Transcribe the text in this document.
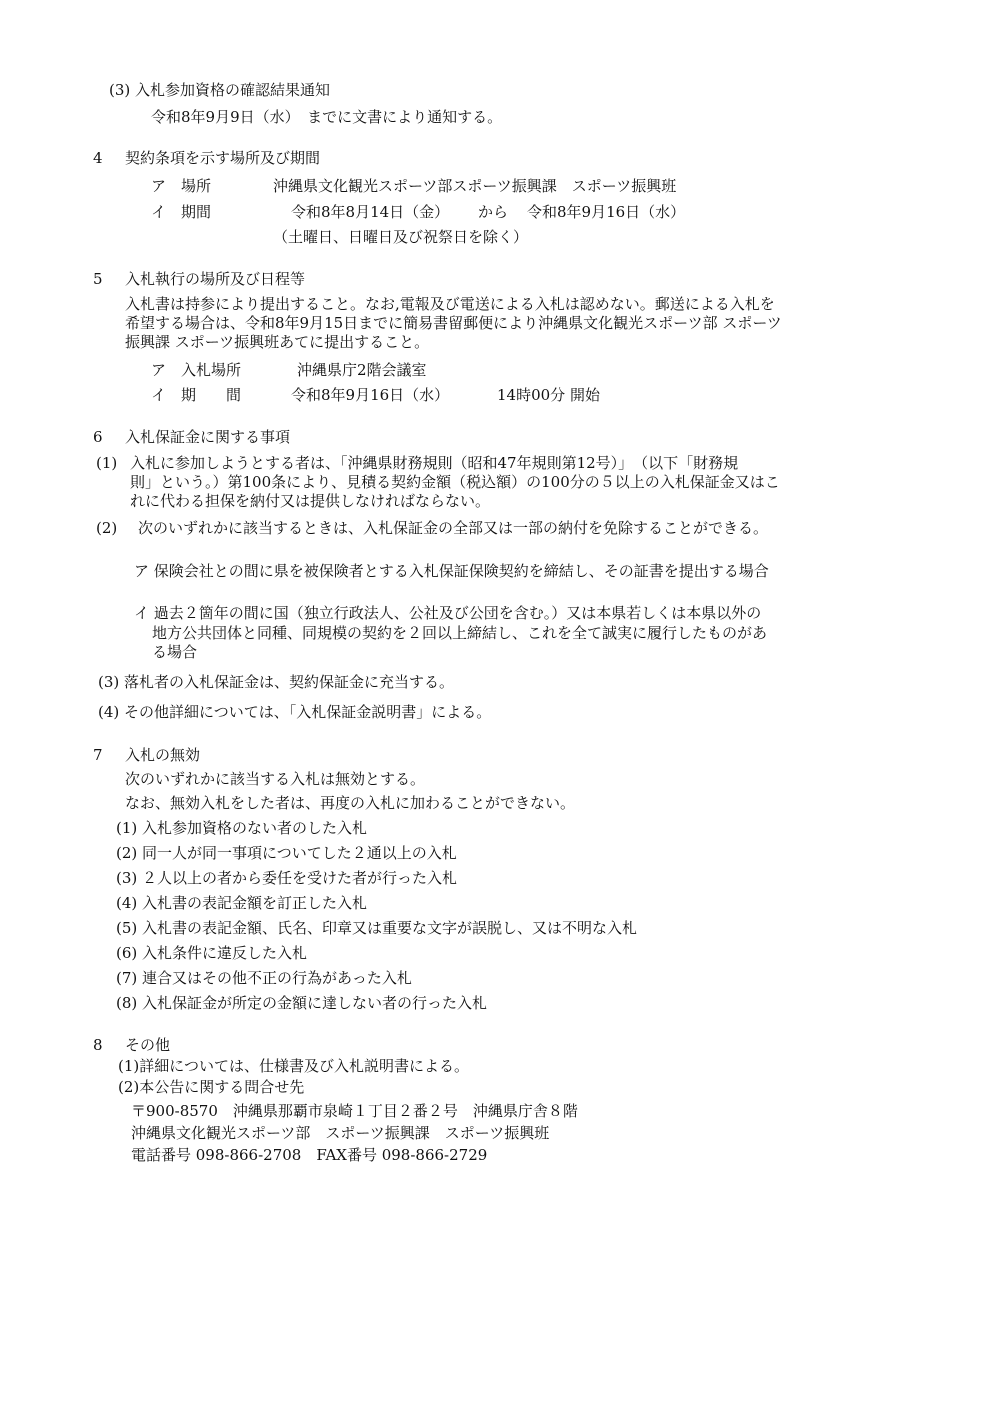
(3) 入札参加資格の確認結果通知
令和8年9月9日（水）　までに文書により通知する。
4 契約条項を示す場所及び期間
ア　場所	沖縄県文化観光スポーツ部スポーツ振興課　スポーツ振興班
イ　期間	令和8年8月14日（金） から 令和8年9月16日（水）
（土曜日、日曜日及び祝祭日を除く）
5 入札執行の場所及び日程等
入札書は持参により提出すること。なお,電報及び電送による入札は認めない。郵送による入札を
希望する場合は、令和8年9月15日までに簡易書留郵便により沖縄県文化観光スポーツ部 スポーツ
振興課 スポーツ振興班あてに提出すること。
ア　入札場所	沖縄県庁2階会議室
イ　期　　間	令和8年9月16日（水）	14時00分 開始
6 入札保証金に関する事項
(1) 入札に参加しようとする者は、「沖縄県財務規則（昭和47年規則第12号）」　（以下「財務規
則」という。）第100条により、見積る契約金額（税込額）の100分の５以上の入札保証金又はこ
れに代わる担保を納付又は提供しなければならない。
(2) 次のいずれかに該当するときは、入札保証金の全部又は一部の納付を免除することができる。
ア 保険会社との間に県を被保険者とする入札保証保険契約を締結し、その証書を提出する場合
イ 過去２箇年の間に国（独立行政法人、公社及び公団を含む。）又は本県若しくは本県以外の
地方公共団体と同種、同規模の契約を２回以上締結し、これを全て誠実に履行したものがあ
る場合
(3) 落札者の入札保証金は、契約保証金に充当する。
(4) その他詳細については、「入札保証金説明書」による。
7 入札の無効
次のいずれかに該当する入札は無効とする。
なお、無効入札をした者は、再度の入札に加わることができない。
(1) 入札参加資格のない者のした入札
(2) 同一人が同一事項についてした２通以上の入札
(3) ２人以上の者から委任を受けた者が行った入札
(4) 入札書の表記金額を訂正した入札
(5) 入札書の表記金額、氏名、印章又は重要な文字が誤脱し、又は不明な入札
(6) 入札条件に違反した入札
(7) 連合又はその他不正の行為があった入札
(8) 入札保証金が所定の金額に達しない者の行った入札
8 その他
(1)詳細については、仕様書及び入札説明書による。
(2)本公告に関する問合せ先
〒900-8570　沖縄県那覇市泉崎１丁目２番２号　沖縄県庁舎８階
沖縄県文化観光スポーツ部　スポーツ振興課　スポーツ振興班
電話番号 098-866-2708　FAX番号 098-866-2729
